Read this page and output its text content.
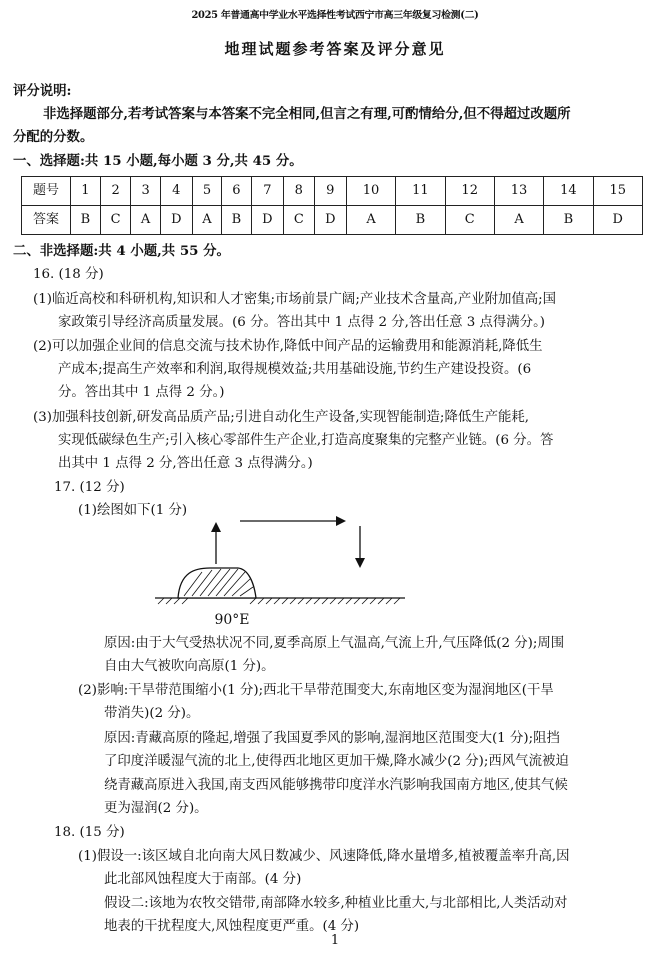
2025 年普通高中学业水平选择性考试西宁市高三年级复习检测(二)
地理试题参考答案及评分意见
评分说明:
非选择题部分,若考试答案与本答案不完全相同,但言之有理,可酌情给分,但不得超过改题所
分配的分数。
一、选择题:共 15 小题,每小题 3 分,共 45 分。
题号	1	2	3	4	5	6	7	8	9	10	11	12	13	14	15
答案	B	C	A	D	A	B	D	C	D	A	B	C	A	B	D
二、非选择题:共 4 小题,共 55 分。
16. (18 分)
(1)临近高校和科研机构,知识和人才密集;市场前景广阔;产业技术含量高,产业附加值高;国
家政策引导经济高质量发展。(6 分。答出其中 1 点得 2 分,答出任意 3 点得满分。)
(2)可以加强企业间的信息交流与技术协作,降低中间产品的运输费用和能源消耗,降低生
产成本;提高生产效率和利润,取得规模效益;共用基础设施,节约生产建设投资。(6
分。答出其中 1 点得 2 分。)
(3)加强科技创新,研发高品质产品;引进自动化生产设备,实现智能制造;降低生产能耗,
实现低碳绿色生产;引入核心零部件生产企业,打造高度聚集的完整产业链。(6 分。答
出其中 1 点得 2 分,答出任意 3 点得满分。)
17. (12 分)
(1)绘图如下(1 分)
90°E
原因:由于大气受热状况不同,夏季高原上气温高,气流上升,气压降低(2 分);周围
自由大气被吹向高原(1 分)。
(2)影响:干旱带范围缩小(1 分);西北干旱带范围变大,东南地区变为湿润地区(干旱
带消失)(2 分)。
原因:青藏高原的隆起,增强了我国夏季风的影响,湿润地区范围变大(1 分);阻挡
了印度洋暖湿气流的北上,使得西北地区更加干燥,降水减少(2 分);西风气流被迫
绕青藏高原进入我国,南支西风能够携带印度洋水汽影响我国南方地区,使其气候
更为湿润(2 分)。
18. (15 分)
(1)假设一:该区域自北向南大风日数减少、风速降低,降水量增多,植被覆盖率升高,因
此北部风蚀程度大于南部。(4 分)
假设二:该地为农牧交错带,南部降水较多,种植业比重大,与北部相比,人类活动对
地表的干扰程度大,风蚀程度更严重。(4 分)
1
